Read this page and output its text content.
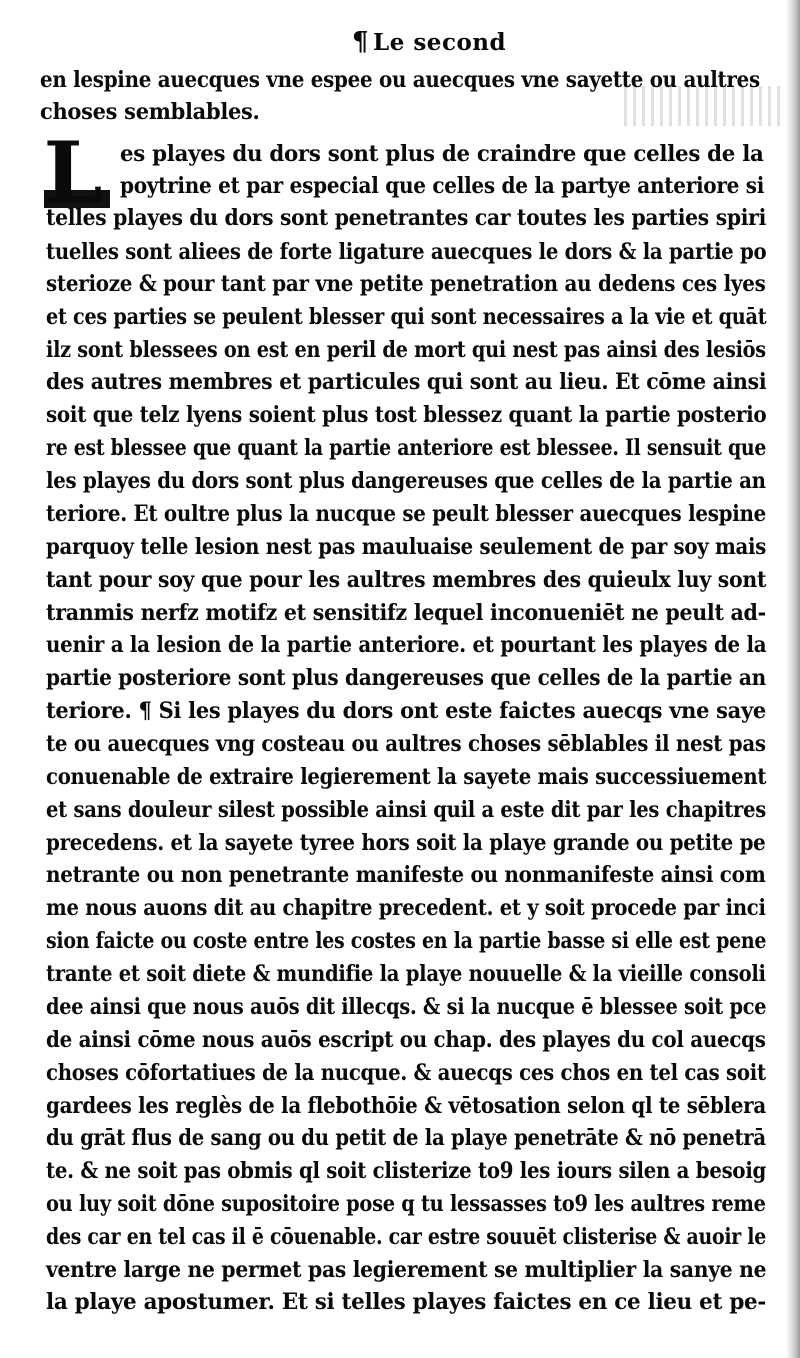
¶ Le second
L
en lespine auecques vne espee ou auecques vne sayette ou aultres
choses semblables.
es playes du dors sont plus de craindre que celles de la
poytrine et par especial que celles de la partye anteriore si
telles playes du dors sont penetrantes car toutes les parties spiri
tuelles sont aliees de forte ligature auecques le dors & la partie po
sterioze & pour tant par vne petite penetration au dedens ces lyes
et ces parties se peulent blesser qui sont necessaires a la vie et quāt
ilz sont blessees on est en peril de mort qui nest pas ainsi des lesiōs
des autres membres et particules qui sont au lieu. Et cōme ainsi
soit que telz lyens soient plus tost blessez quant la partie posterio
re est blessee que quant la partie anteriore est blessee. Il sensuit que
les playes du dors sont plus dangereuses que celles de la partie an
teriore. Et oultre plus la nucque se peult blesser auecques lespine
parquoy telle lesion nest pas mauluaise seulement de par soy mais
tant pour soy que pour les aultres membres des quieulx luy sont
tranmis nerfz motifz et sensitifz lequel inconueniēt ne peult ad-
uenir a la lesion de la partie anteriore. et pourtant les playes de la
partie posteriore sont plus dangereuses que celles de la partie an
teriore. ¶ Si les playes du dors ont este faictes auecqs vne saye
te ou auecques vng costeau ou aultres choses sēblables il nest pas
conuenable de extraire legierement la sayete mais successiuement
et sans douleur silest possible ainsi quil a este dit par les chapitres
precedens. et la sayete tyree hors soit la playe grande ou petite pe
netrante ou non penetrante manifeste ou nonmanifeste ainsi com
me nous auons dit au chapitre precedent. et y soit procede par inci
sion faicte ou coste entre les costes en la partie basse si elle est pene
trante et soit diete & mundifie la playe nouuelle & la vieille consoli
dee ainsi que nous auōs dit illecqs. & si la nucque ē blessee soit pce
de ainsi cōme nous auōs escript ou chap. des playes du col auecqs
choses cōfortatiues de la nucque. & auecqs ces chos en tel cas soit
gardees les reglès de la flebothōie & vētosation selon ql te sēblera
du grāt flus de sang ou du petit de la playe penetrāte & nō penetrā
te. & ne soit pas obmis ql soit clisterize to9 les iours silen a besoig
ou luy soit dōne supositoire pose q tu lessasses to9 les aultres reme
des car en tel cas il ē cōuenable. car estre souuēt clisterise & auoir le
ventre large ne permet pas legierement se multiplier la sanye ne
la playe apostumer. Et si telles playes faictes en ce lieu et pe-
